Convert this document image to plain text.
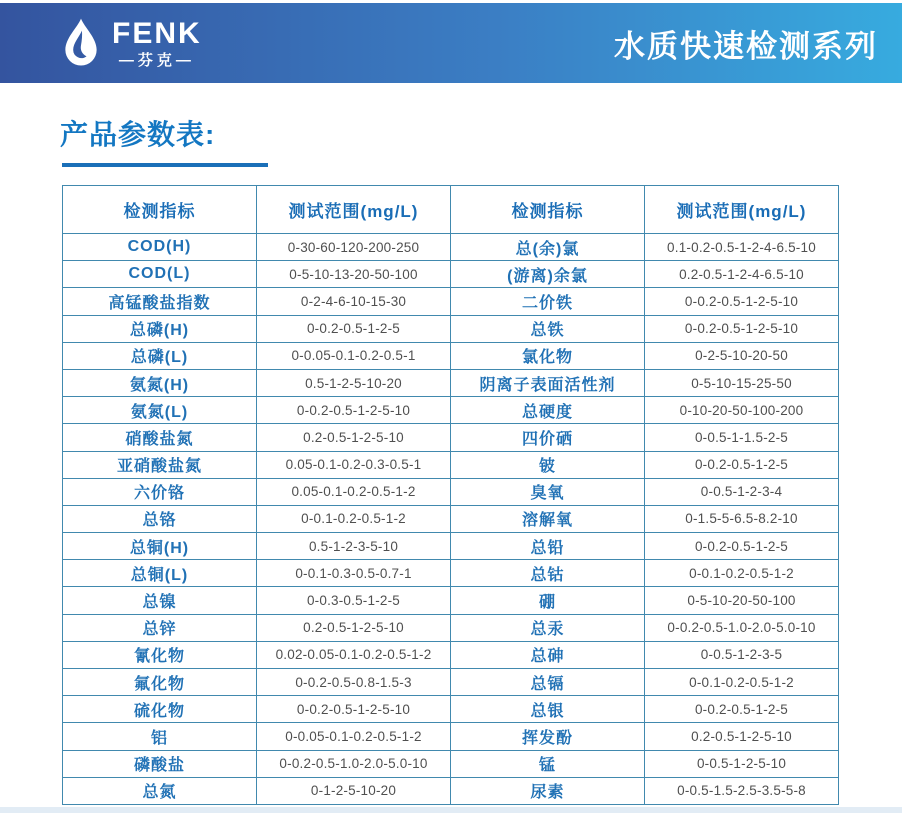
FENK
—芬克—	水质快速检测系列
产品参数表:
检测指标	测试范围(mg/L)	检测指标	测试范围(mg/L)
COD(H)	0-30-60-120-200-250	总(余)氯	0.1-0.2-0.5-1-2-4-6.5-10
COD(L)	0-5-10-13-20-50-100	(游离)余氯	0.2-0.5-1-2-4-6.5-10
高锰酸盐指数	0-2-4-6-10-15-30	二价铁	0-0.2-0.5-1-2-5-10
总磷(H)	0-0.2-0.5-1-2-5	总铁	0-0.2-0.5-1-2-5-10
总磷(L)	0-0.05-0.1-0.2-0.5-1	氯化物	0-2-5-10-20-50
氨氮(H)	0.5-1-2-5-10-20	阴离子表面活性剂	0-5-10-15-25-50
氨氮(L)	0-0.2-0.5-1-2-5-10	总硬度	0-10-20-50-100-200
硝酸盐氮	0.2-0.5-1-2-5-10	四价硒	0-0.5-1-1.5-2-5
亚硝酸盐氮	0.05-0.1-0.2-0.3-0.5-1	铍	0-0.2-0.5-1-2-5
六价铬	0.05-0.1-0.2-0.5-1-2	臭氧	0-0.5-1-2-3-4
总铬	0-0.1-0.2-0.5-1-2	溶解氧	0-1.5-5-6.5-8.2-10
总铜(H)	0.5-1-2-3-5-10	总铅	0-0.2-0.5-1-2-5
总铜(L)	0-0.1-0.3-0.5-0.7-1	总钴	0-0.1-0.2-0.5-1-2
总镍	0-0.3-0.5-1-2-5	硼	0-5-10-20-50-100
总锌	0.2-0.5-1-2-5-10	总汞	0-0.2-0.5-1.0-2.0-5.0-10
氰化物	0.02-0.05-0.1-0.2-0.5-1-2	总砷	0-0.5-1-2-3-5
氟化物	0-0.2-0.5-0.8-1.5-3	总镉	0-0.1-0.2-0.5-1-2
硫化物	0-0.2-0.5-1-2-5-10	总银	0-0.2-0.5-1-2-5
铝	0-0.05-0.1-0.2-0.5-1-2	挥发酚	0.2-0.5-1-2-5-10
磷酸盐	0-0.2-0.5-1.0-2.0-5.0-10	锰	0-0.5-1-2-5-10
总氮	0-1-2-5-10-20	尿素	0-0.5-1.5-2.5-3.5-5-8
